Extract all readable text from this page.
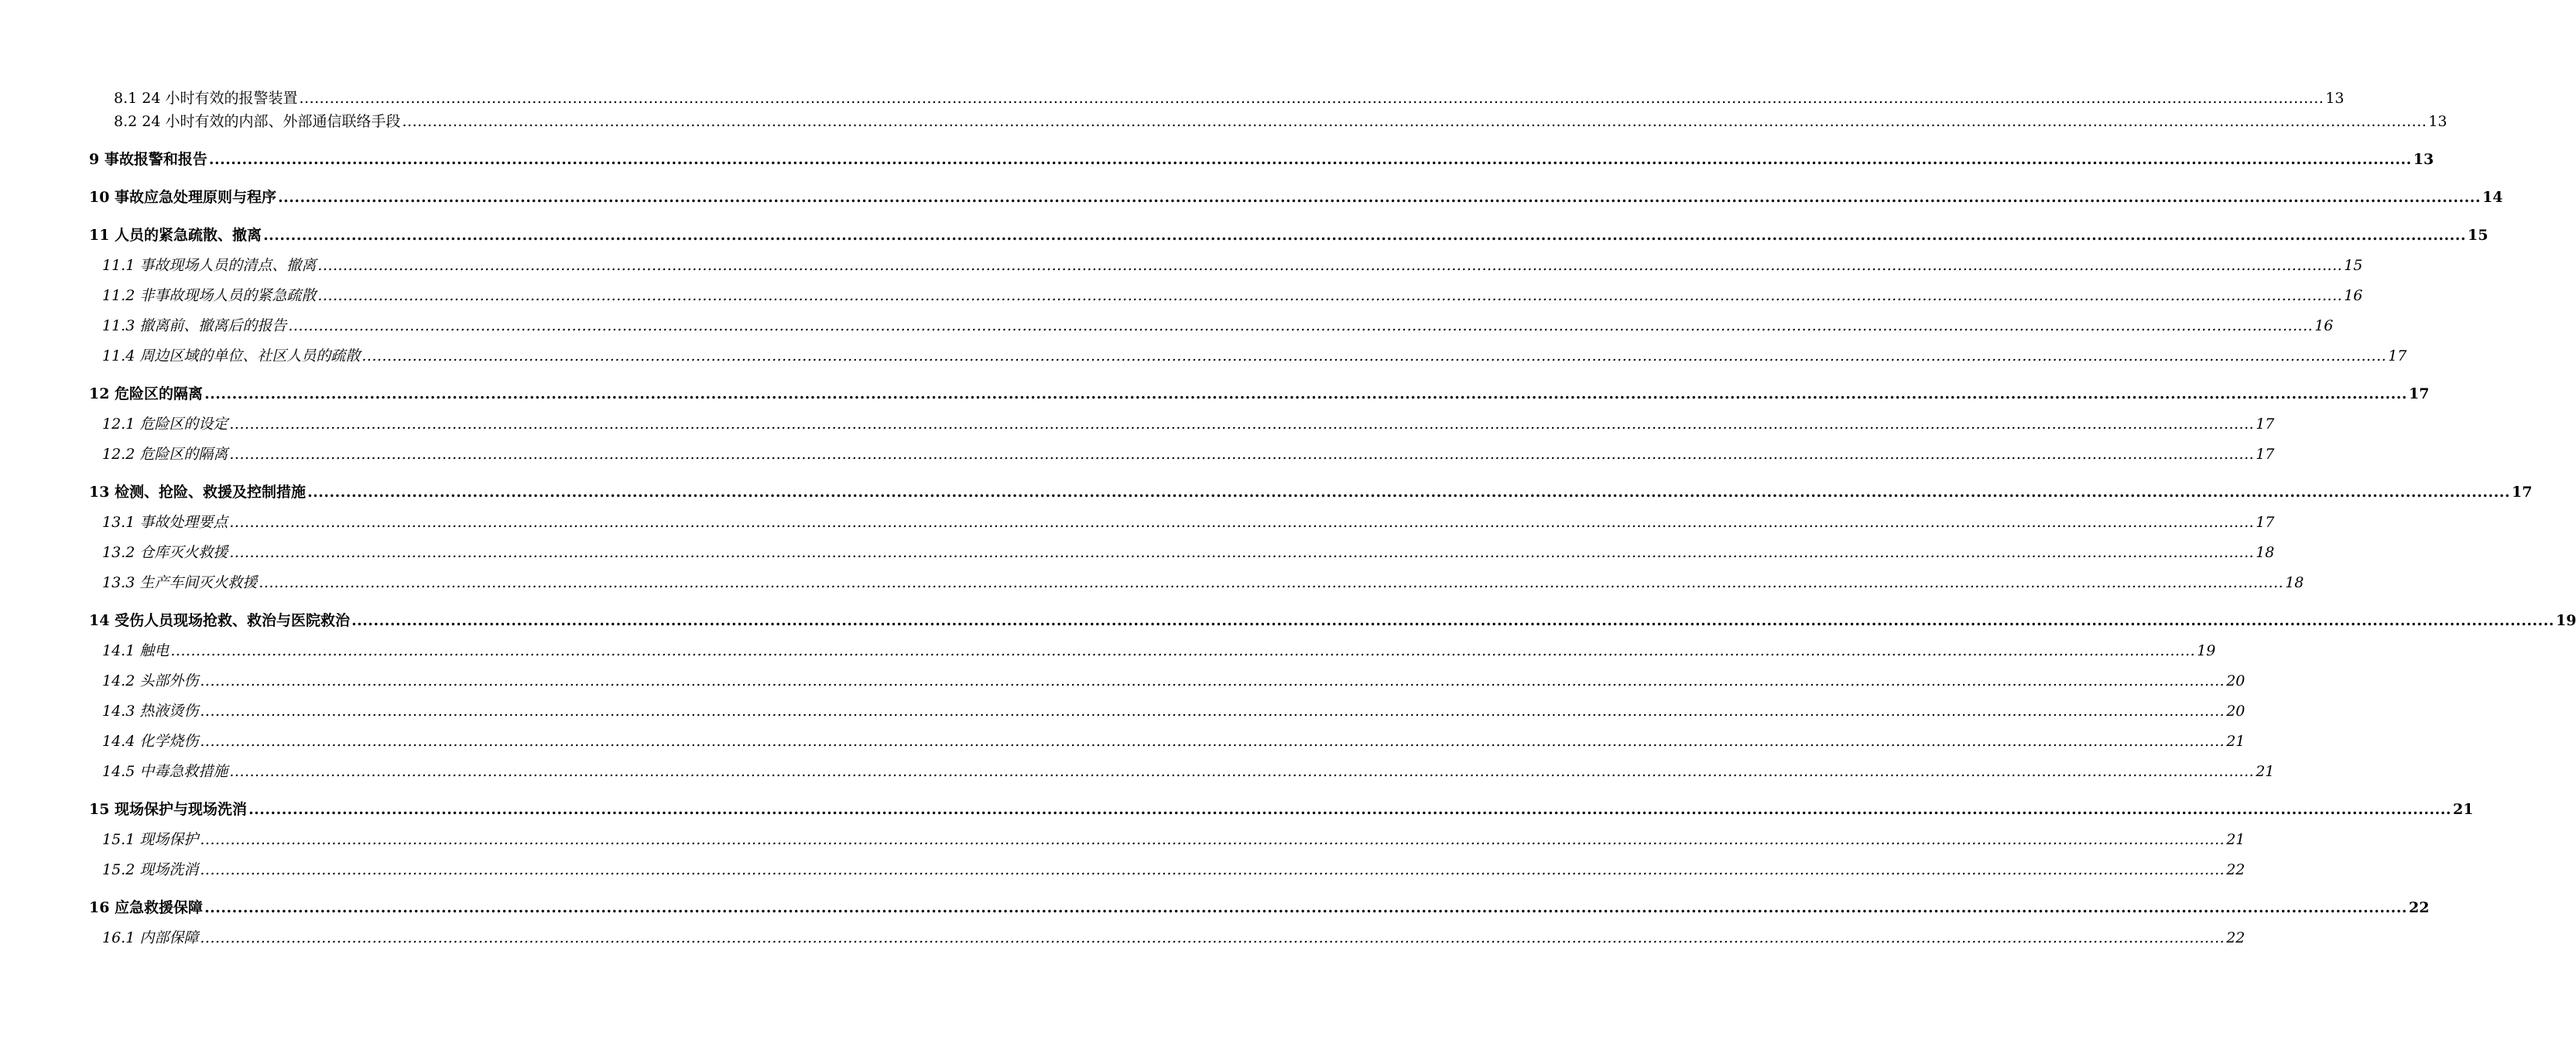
8.1 24 小时有效的报警装置 ................................................................................................................................................................................................................................................................................................................................................................................................................ 13
8.2 24 小时有效的内部、外部通信联络手段 ................................................................................................................................................................................................................................................................................................................................................................................................................ 13
9 事故报警和报告 ................................................................................................................................................................................................................................................................................................................................................................................................................ 13
10 事故应急处理原则与程序 ................................................................................................................................................................................................................................................................................................................................................................................................................ 14
11 人员的紧急疏散、撤离 ................................................................................................................................................................................................................................................................................................................................................................................................................ 15
11.1 事故现场人员的清点、撤离 ................................................................................................................................................................................................................................................................................................................................................................................................................ 15
11.2 非事故现场人员的紧急疏散 ................................................................................................................................................................................................................................................................................................................................................................................................................ 16
11.3 撤离前、撤离后的报告 ................................................................................................................................................................................................................................................................................................................................................................................................................ 16
11.4 周边区域的单位、社区人员的疏散 ................................................................................................................................................................................................................................................................................................................................................................................................................ 17
12 危险区的隔离 ................................................................................................................................................................................................................................................................................................................................................................................................................ 17
12.1 危险区的设定 ................................................................................................................................................................................................................................................................................................................................................................................................................ 17
12.2 危险区的隔离 ................................................................................................................................................................................................................................................................................................................................................................................................................ 17
13 检测、抢险、救援及控制措施 ................................................................................................................................................................................................................................................................................................................................................................................................................ 17
13.1 事故处理要点 ................................................................................................................................................................................................................................................................................................................................................................................................................ 17
13.2 仓库灭火救援 ................................................................................................................................................................................................................................................................................................................................................................................................................ 18
13.3 生产车间灭火救援 ................................................................................................................................................................................................................................................................................................................................................................................................................ 18
14 受伤人员现场抢救、救治与医院救治 ................................................................................................................................................................................................................................................................................................................................................................................................................ 19
14.1 触电 ................................................................................................................................................................................................................................................................................................................................................................................................................ 19
14.2 头部外伤 ................................................................................................................................................................................................................................................................................................................................................................................................................ 20
14.3 热液烫伤 ................................................................................................................................................................................................................................................................................................................................................................................................................ 20
14.4 化学烧伤 ................................................................................................................................................................................................................................................................................................................................................................................................................ 21
14.5 中毒急救措施 ................................................................................................................................................................................................................................................................................................................................................................................................................ 21
15 现场保护与现场洗消 ................................................................................................................................................................................................................................................................................................................................................................................................................ 21
15.1 现场保护 ................................................................................................................................................................................................................................................................................................................................................................................................................ 21
15.2 现场洗消 ................................................................................................................................................................................................................................................................................................................................................................................................................ 22
16 应急救援保障 ................................................................................................................................................................................................................................................................................................................................................................................................................ 22
16.1 内部保障 ................................................................................................................................................................................................................................................................................................................................................................................................................ 22
